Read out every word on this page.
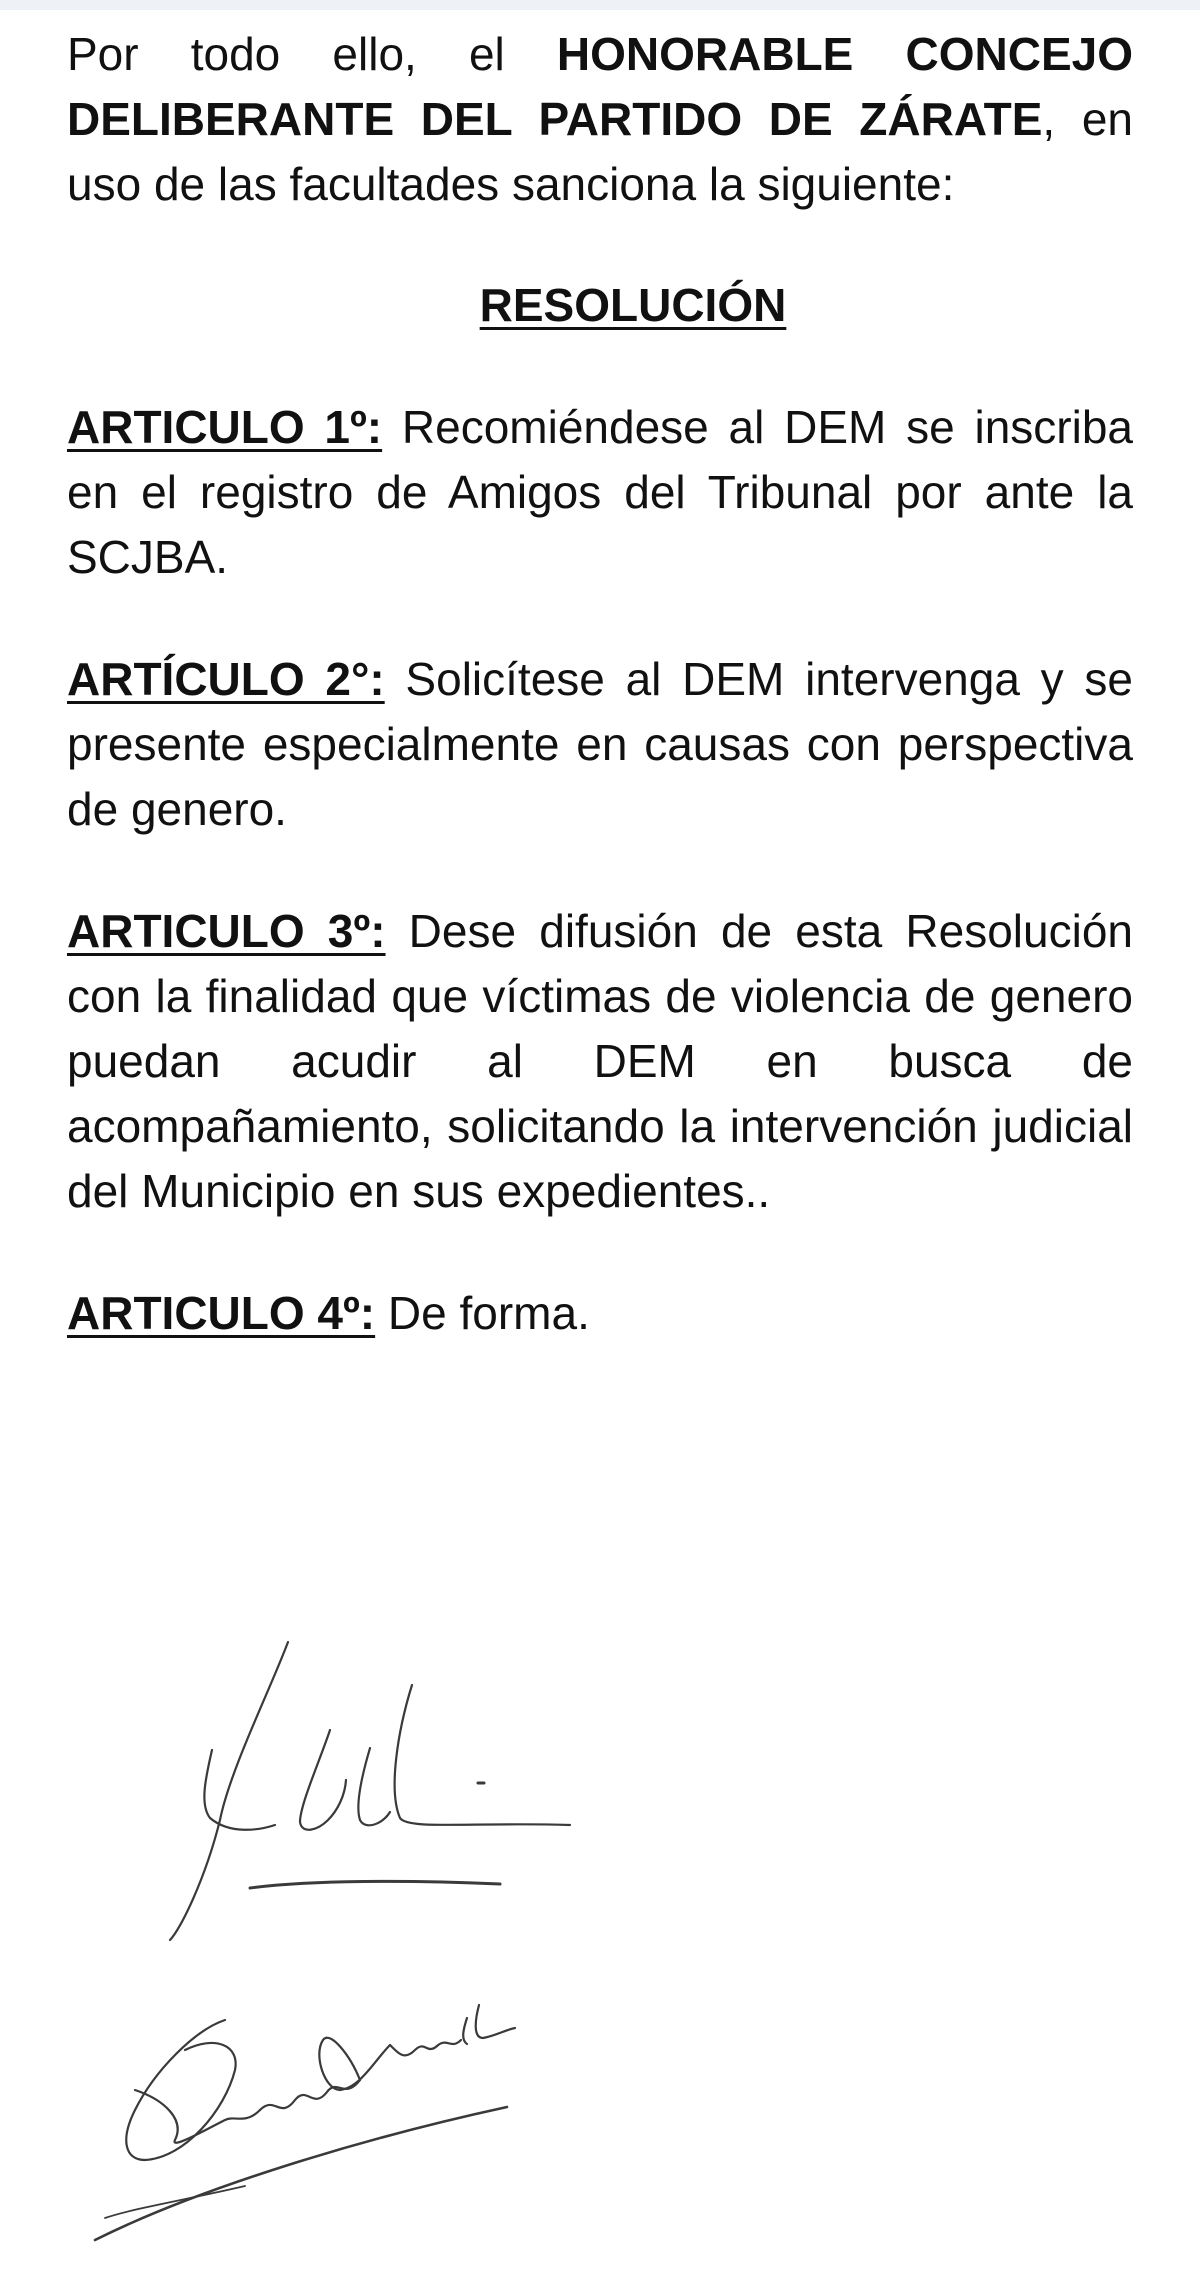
Por todo ello, el HONORABLE CONCEJO DELIBERANTE DEL PARTIDO DE ZÁRATE, en uso de las facultades sanciona la siguiente:

RESOLUCIÓN

ARTICULO 1º: Recomiéndese al DEM se inscriba en el registro de Amigos del Tribunal por ante la SCJBA.

ARTÍCULO 2°: Solicítese al DEM intervenga y se presente especialmente en causas con perspectiva de genero.

ARTICULO 3º: Dese difusión de esta Resolución con la finalidad que víctimas de violencia de genero puedan acudir al DEM en busca de acompañamiento, solicitando la intervención judicial del Municipio en sus expedientes..

ARTICULO 4º: De forma.
